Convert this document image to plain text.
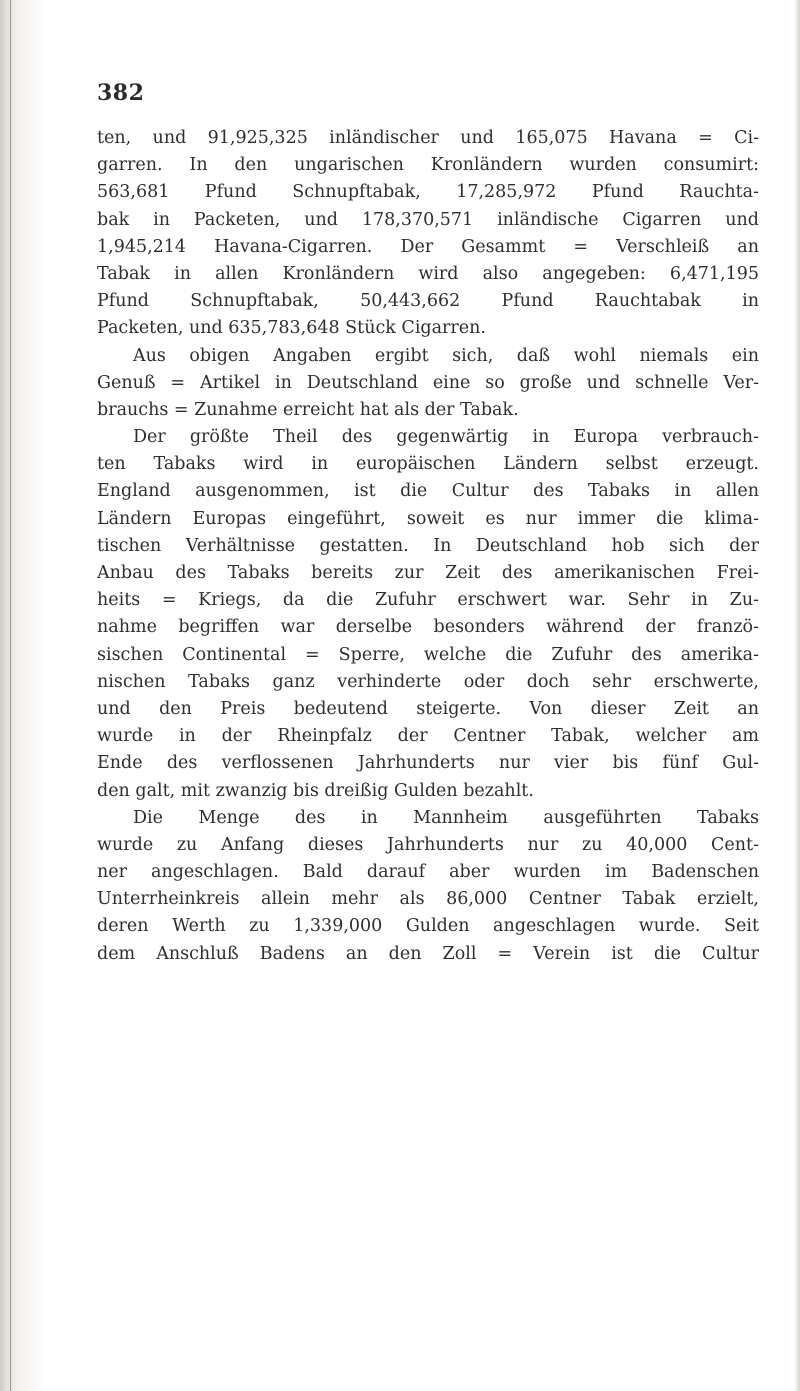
382
ten, und 91,925,325 inländischer und 165,075 Havana = Ci-
garren. In den ungarischen Kronländern wurden consumirt:
563,681 Pfund Schnupftabak, 17,285,972 Pfund Rauchta-
bak in Packeten, und 178,370,571 inländische Cigarren und
1,945,214 Havana-Cigarren. Der Gesammt = Verschleiß an
Tabak in allen Kronländern wird also angegeben: 6,471,195
Pfund Schnupftabak, 50,443,662 Pfund Rauchtabak in
Packeten, und 635,783,648 Stück Cigarren.
Aus obigen Angaben ergibt sich, daß wohl niemals ein
Genuß = Artikel in Deutschland eine so große und schnelle Ver-
brauchs = Zunahme erreicht hat als der Tabak.
Der größte Theil des gegenwärtig in Europa verbrauch-
ten Tabaks wird in europäischen Ländern selbst erzeugt.
England ausgenommen, ist die Cultur des Tabaks in allen
Ländern Europas eingeführt, soweit es nur immer die klima-
tischen Verhältnisse gestatten. In Deutschland hob sich der
Anbau des Tabaks bereits zur Zeit des amerikanischen Frei-
heits = Kriegs, da die Zufuhr erschwert war. Sehr in Zu-
nahme begriffen war derselbe besonders während der franzö-
sischen Continental = Sperre, welche die Zufuhr des amerika-
nischen Tabaks ganz verhinderte oder doch sehr erschwerte,
und den Preis bedeutend steigerte. Von dieser Zeit an
wurde in der Rheinpfalz der Centner Tabak, welcher am
Ende des verflossenen Jahrhunderts nur vier bis fünf Gul-
den galt, mit zwanzig bis dreißig Gulden bezahlt.
Die Menge des in Mannheim ausgeführten Tabaks
wurde zu Anfang dieses Jahrhunderts nur zu 40,000 Cent-
ner angeschlagen. Bald darauf aber wurden im Badenschen
Unterrheinkreis allein mehr als 86,000 Centner Tabak erzielt,
deren Werth zu 1,339,000 Gulden angeschlagen wurde. Seit
dem Anschluß Badens an den Zoll = Verein ist die Cultur
